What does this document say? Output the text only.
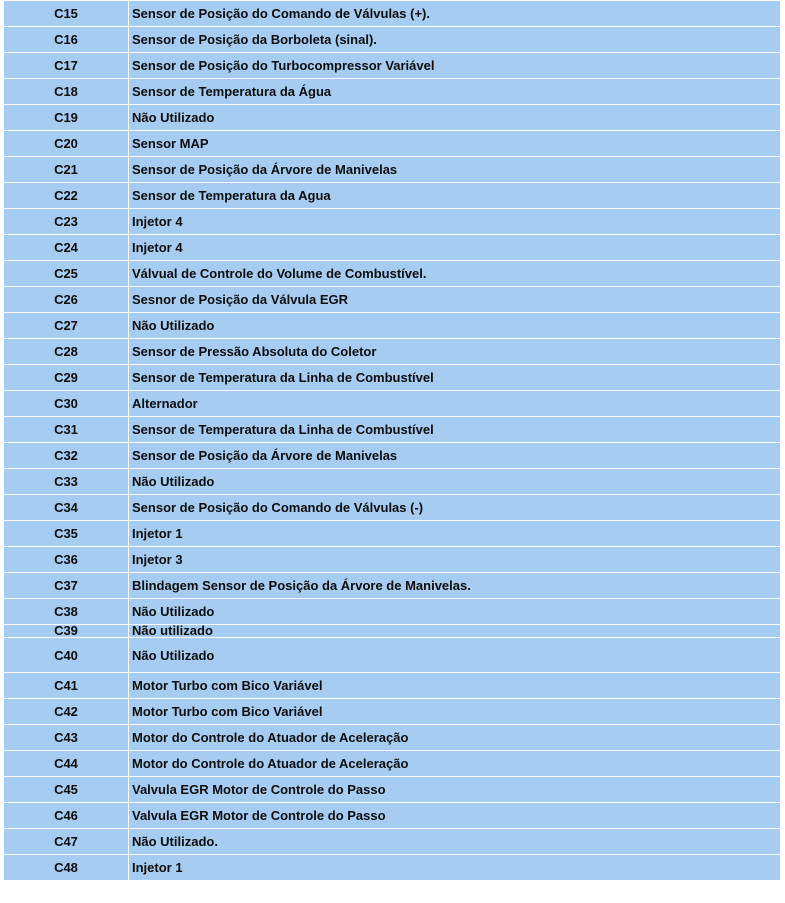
C15	Sensor de Posição do Comando de Válvulas (+).
C16	Sensor de Posição da Borboleta (sinal).
C17	Sensor de Posição do Turbocompressor Variável
C18	Sensor de Temperatura da Água
C19	Não Utilizado
C20	Sensor MAP
C21	Sensor de Posição da Árvore de Manivelas
C22	Sensor de Temperatura da Agua
C23	Injetor 4
C24	Injetor 4
C25	Válvual de Controle do Volume de Combustível.
C26	Sesnor de Posição da Válvula EGR
C27	Não Utilizado
C28	Sensor de Pressão Absoluta do Coletor
C29	Sensor de Temperatura da Linha de Combustível
C30	Alternador
C31	Sensor de Temperatura da Linha de Combustível
C32	Sensor de Posição da Árvore de Manivelas
C33	Não Utilizado
C34	Sensor de Posição do Comando de Válvulas (-)
C35	Injetor 1
C36	Injetor 3
C37	Blindagem Sensor de Posição da Árvore de Manivelas.
C38	Não Utilizado

C39	Não utilizado

C40	Não Utilizado
C41	Motor Turbo com Bico Variável
C42	Motor Turbo com Bico Variável
C43	Motor do Controle do Atuador de Aceleração
C44	Motor do Controle do Atuador de Aceleração
C45	Valvula EGR Motor de Controle do Passo
C46	Valvula EGR Motor de Controle do Passo
C47	Não Utilizado.
C48	Injetor 1
